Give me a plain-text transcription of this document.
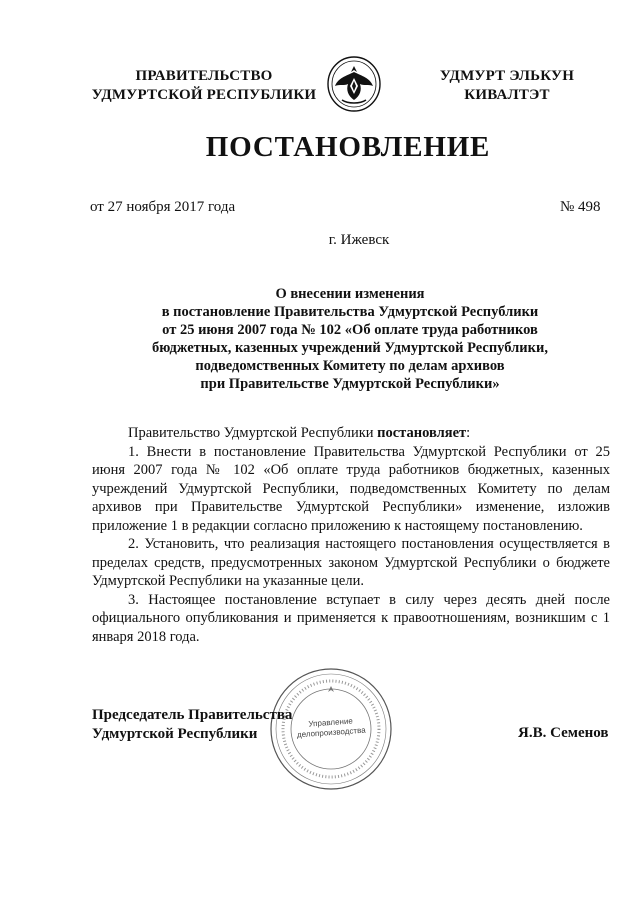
ПРАВИТЕЛЬСТВО
УДМУРТСКОЙ РЕСПУБЛИКИ
УДМУРТ ЭЛЬКУН
КИВАЛТЭТ
ПОСТАНОВЛЕНИЕ
от 27 ноября 2017 года	№ 498
г. Ижевск
О внесении изменения
в постановление Правительства Удмуртской Республики
от 25 июня 2007 года № 102 «Об оплате труда работников
бюджетных, казенных учреждений Удмуртской Республики,
подведомственных Комитету по делам архивов
при Правительстве Удмуртской Республики»

Правительство Удмуртской Республики постановляет:

1. Внести в постановление Правительства Удмуртской Республики от 25 июня 2007 года № 102 «Об оплате труда работников бюджетных, казенных учреждений Удмуртской Республики, подведомственных Комитету по делам архивов при Правительстве Удмуртской Республики» изменение, изложив приложение 1 в редакции согласно приложению к настоящему постановлению.

2. Установить, что реализация настоящего постановления осуществляется в пределах средств, предусмотренных законом Удмуртской Республики о бюджете Удмуртской Республики на указанные цели.

3. Настоящее постановление вступает в силу через десять дней после официального опубликования и применяется к правоотношениям, возникшим с 1 января 2018 года.

Управление
делопроизводства
Председатель Правительства
Удмуртской Республики	Я.В. Семенов
